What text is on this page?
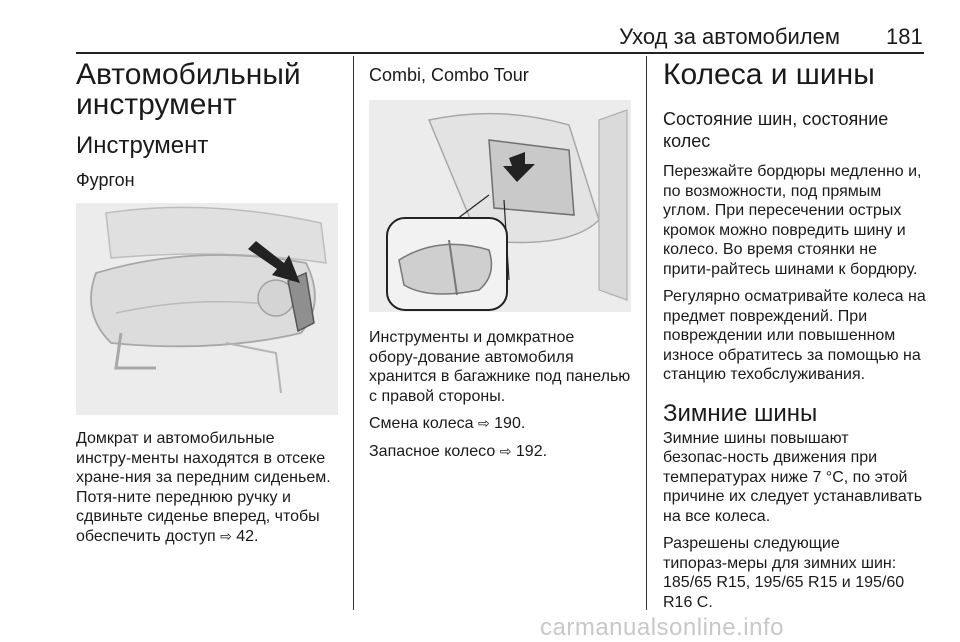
Уход за автомобилем 181
Автомобильный инструмент
Инструмент
Фургон
Домкрат и автомобильные инстру‑менты находятся в отсеке хране‑ния за передним сиденьем. Потя‑ните переднюю ручку и сдвиньте сиденье вперед, чтобы обеспечить доступ ⇨ 42.
Combi, Combo Tour
Инструменты и домкратное обору‑дование автомобиля хранится в багажнике под панелью с правой стороны.
Смена колеса ⇨ 190.
Запасное колесо ⇨ 192.
Колеса и шины
Состояние шин, состояние колес
Перезжайте бордюры медленно и, по возможности, под прямым углом. При пересечении острых кромок можно повредить шину и колесо. Во время стоянки не прити‑райтесь шинами к бордюру.
Регулярно осматривайте колеса на предмет повреждений. При повреждении или повышенном износе обратитесь за помощью на станцию техобслуживания.
Зимние шины
Зимние шины повышают безопас‑ность движения при температурах ниже 7 °C, по этой причине их следует устанавливать на все колеса.
Разрешены следующие типораз‑меры для зимних шин: 185/65 R15, 195/65 R15 и 195/60 R16 C.
carmanualsonline.info
